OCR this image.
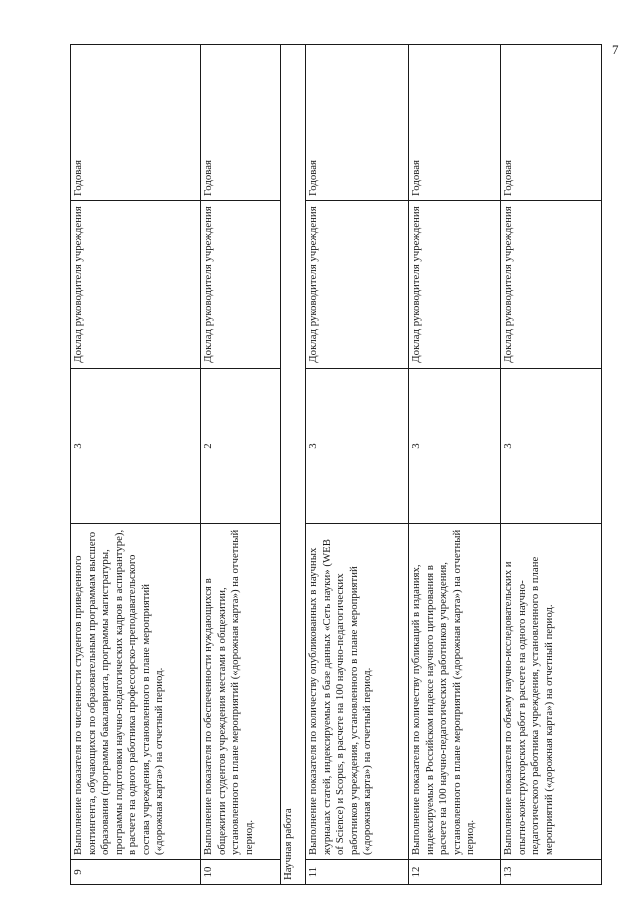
7
9	Выполнение показателя по численности студентов приведенного контингента, обучающихся по образовательным программам высшего образования (программы бакалавриата, программы магистратуры, программы подготовки научно-педагогических кадров в аспирантуре), в расчете на одного работника профессорско-преподавательского состава учреждения, установленного в плане мероприятий («дорожная карта») на отчетный период.	3	Доклад руководителя учреждения	Годовая
10	Выполнение показателя по обеспеченности нуждающихся в общежитии студентов учреждения местами в общежитии, установленного в плане мероприятий («дорожная карта») на отчетный период.	2	Доклад руководителя учреждения	Годовая
Научная работа				
11	Выполнение показателя по количеству опубликованных в научных журналах статей, индексируемых в базе данных «Сеть науки» (WEB of Science) и Scopus, в расчете на 100 научно-педагогических работников учреждения, установленного в плане мероприятий («дорожная карта») на отчетный период.	3	Доклад руководителя учреждения	Годовая
12	Выполнение показателя по количеству публикаций в изданиях, индексируемых в Российском индексе научного цитирования в расчете на 100 научно-педагогических работников учреждения, установленного в плане мероприятий («дорожная карта») на отчетный период.	3	Доклад руководителя учреждения	Годовая
13	Выполнение показателя по объему научно-исследовательских и опытно-конструкторских работ в расчете на одного научно-педагогического работника учреждения, установленного в плане мероприятий («дорожная карта») на отчетный период.	3	Доклад руководителя учреждения	Годовая
